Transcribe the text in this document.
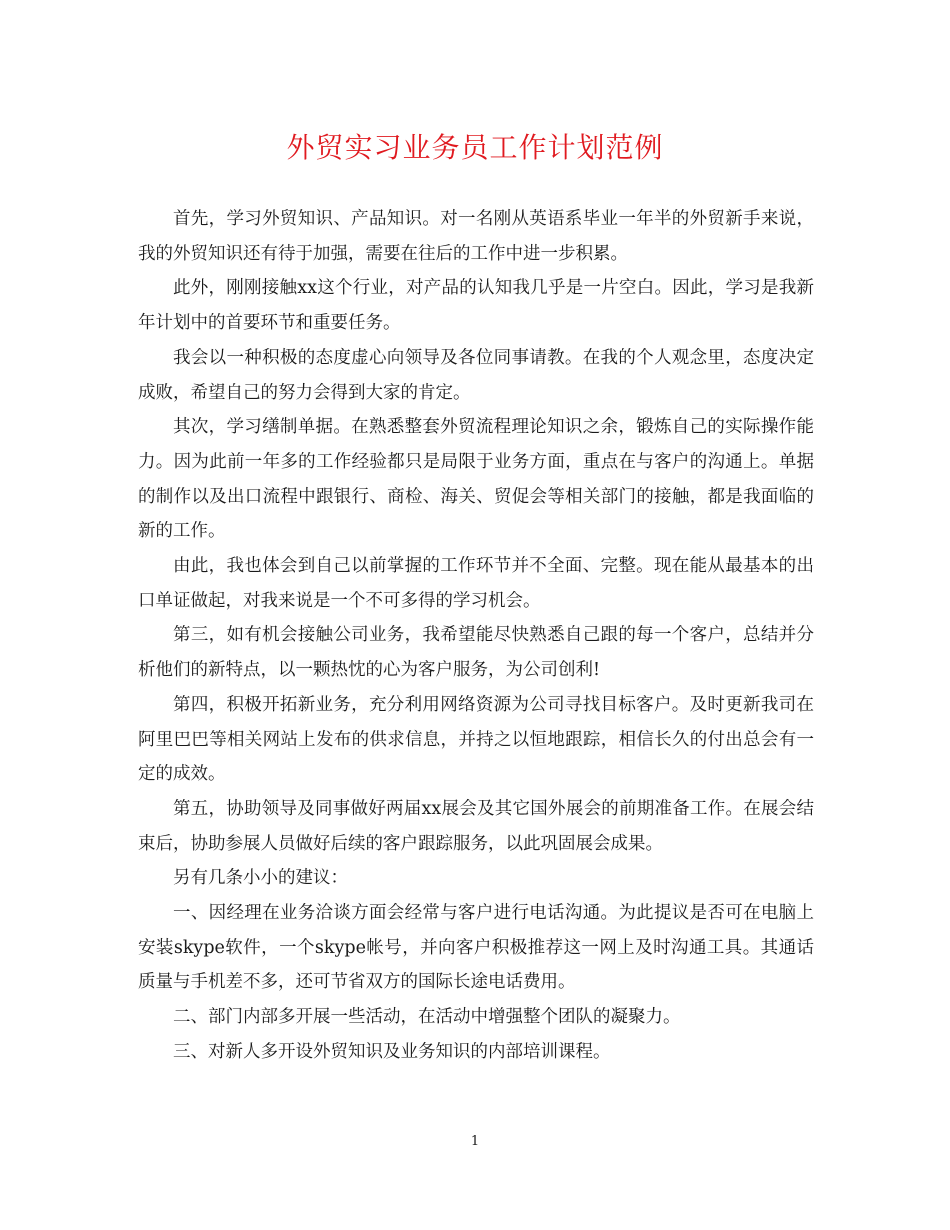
外贸实习业务员工作计划范例

首先，学习外贸知识、产品知识。对一名刚从英语系毕业一年半的外贸新手来说，我的外贸知识还有待于加强，需要在往后的工作中进一步积累。

此外，刚刚接触xx这个行业，对产品的认知我几乎是一片空白。因此，学习是我新年计划中的首要环节和重要任务。

我会以一种积极的态度虚心向领导及各位同事请教。在我的个人观念里，态度决定成败，希望自己的努力会得到大家的肯定。

其次，学习缮制单据。在熟悉整套外贸流程理论知识之余，锻炼自己的实际操作能力。因为此前一年多的工作经验都只是局限于业务方面，重点在与客户的沟通上。单据的制作以及出口流程中跟银行、商检、海关、贸促会等相关部门的接触，都是我面临的新的工作。

由此，我也体会到自己以前掌握的工作环节并不全面、完整。现在能从最基本的出口单证做起，对我来说是一个不可多得的学习机会。

第三，如有机会接触公司业务，我希望能尽快熟悉自己跟的每一个客户，总结并分析他们的新特点，以一颗热忱的心为客户服务，为公司创利!

第四，积极开拓新业务，充分利用网络资源为公司寻找目标客户。及时更新我司在阿里巴巴等相关网站上发布的供求信息，并持之以恒地跟踪，相信长久的付出总会有一定的成效。

第五，协助领导及同事做好两届xx展会及其它国外展会的前期准备工作。在展会结束后，协助参展人员做好后续的客户跟踪服务，以此巩固展会成果。

另有几条小小的建议：

一、因经理在业务洽谈方面会经常与客户进行电话沟通。为此提议是否可在电脑上安装skype软件，一个skype帐号，并向客户积极推荐这一网上及时沟通工具。其通话质量与手机差不多，还可节省双方的国际长途电话费用。

二、部门内部多开展一些活动，在活动中增强整个团队的凝聚力。

三、对新人多开设外贸知识及业务知识的内部培训课程。

1
